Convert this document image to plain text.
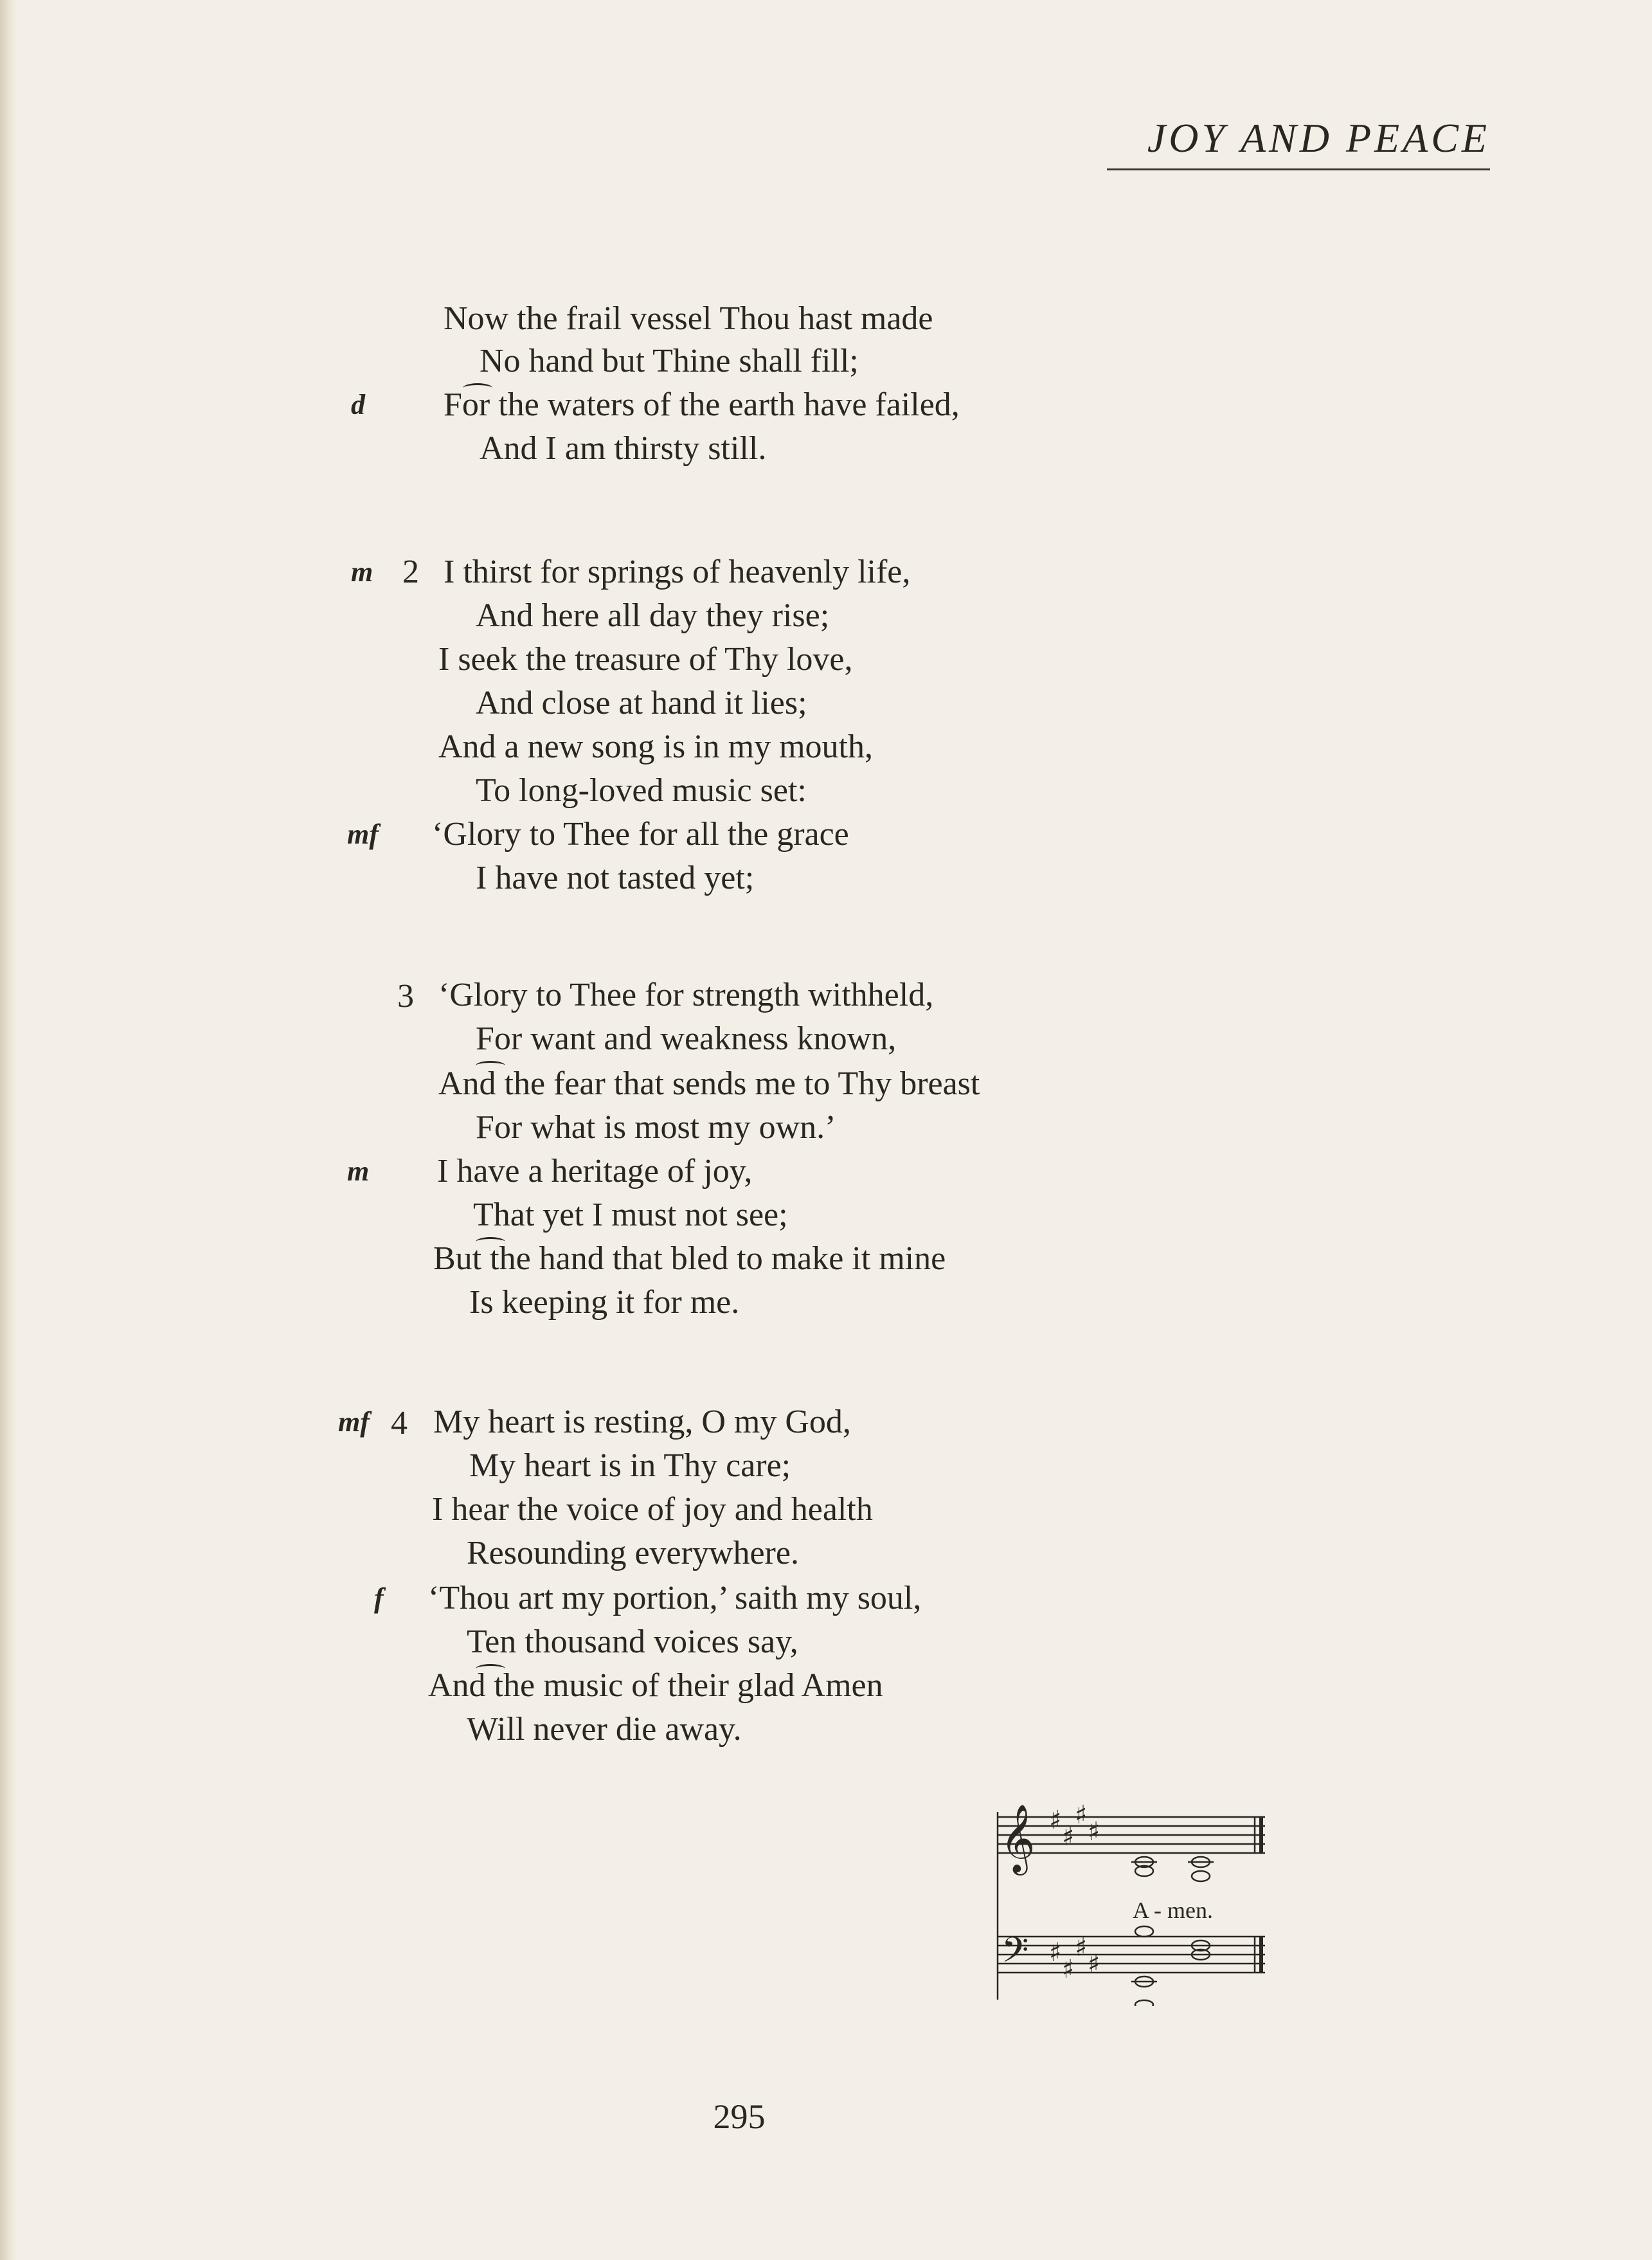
JOY AND PEACE
Now the frail vessel Thou hast made
No hand but Thine shall fill;
d For the waters of the earth have failed,
And I am thirsty still.
m 2 I thirst for springs of heavenly life,
And here all day they rise;
I seek the treasure of Thy love,
And close at hand it lies;
And a new song is in my mouth,
To long-loved music set:
mf ‘Glory to Thee for all the grace
I have not tasted yet;
3 ‘Glory to Thee for strength withheld,
For want and weakness known,
And the fear that sends me to Thy breast
For what is most my own.’
m I have a heritage of joy,
That yet I must not see;
But the hand that bled to make it mine
Is keeping it for me.
mf 4 My heart is resting, O my God,
My heart is in Thy care;
I hear the voice of joy and health
Resounding everywhere.
f ‘Thou art my portion,’ saith my soul,
Ten thousand voices say,
And the music of their glad Amen
Will never die away.
𝄞 ♯
♯
♯
♯
𝄢 ♯
♯
♯
♯
A - men.
295
